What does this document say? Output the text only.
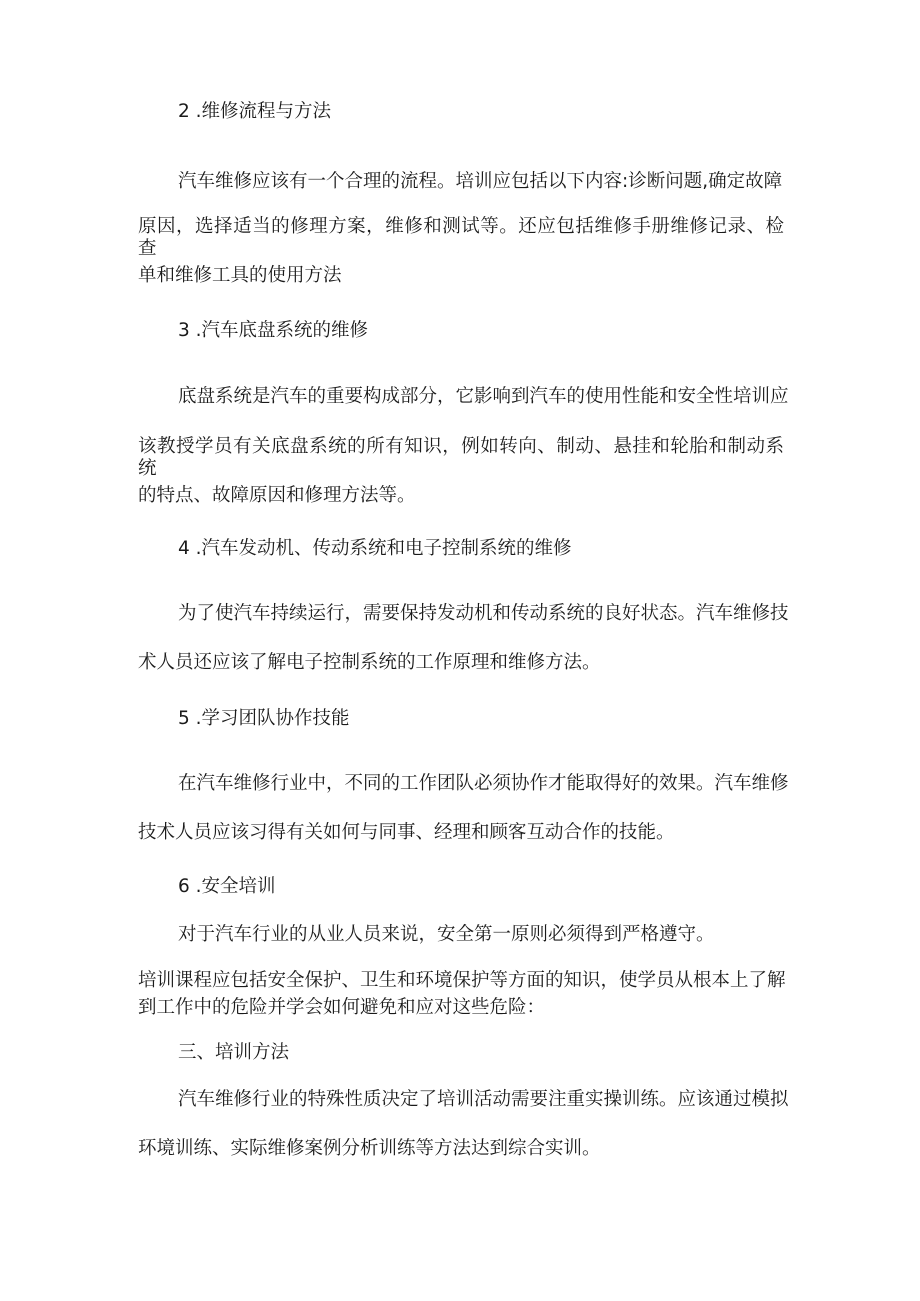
2 .维修流程与方法

汽车维修应该有一个合理的流程。培训应包括以下内容:诊断问题,确定故障

原因，选择适当的修理方案，维修和测试等。还应包括维修手册维修记录、检查

单和维修工具的使用方法

3 .汽车底盘系统的维修

底盘系统是汽车的重要构成部分，它影响到汽车的使用性能和安全性培训应

该教授学员有关底盘系统的所有知识，例如转向、制动、悬挂和轮胎和制动系统

的特点、故障原因和修理方法等。

4 .汽车发动机、传动系统和电子控制系统的维修

为了使汽车持续运行，需要保持发动机和传动系统的良好状态。汽车维修技

术人员还应该了解电子控制系统的工作原理和维修方法。

5 .学习团队协作技能

在汽车维修行业中，不同的工作团队必须协作才能取得好的效果。汽车维修

技术人员应该习得有关如何与同事、经理和顾客互动合作的技能。

6 .安全培训

对于汽车行业的从业人员来说，安全第一原则必须得到严格遵守。

培训课程应包括安全保护、卫生和环境保护等方面的知识，使学员从根本上了解

到工作中的危险并学会如何避免和应对这些危险：

三、培训方法

汽车维修行业的特殊性质决定了培训活动需要注重实操训练。应该通过模拟

环境训练、实际维修案例分析训练等方法达到综合实训。
